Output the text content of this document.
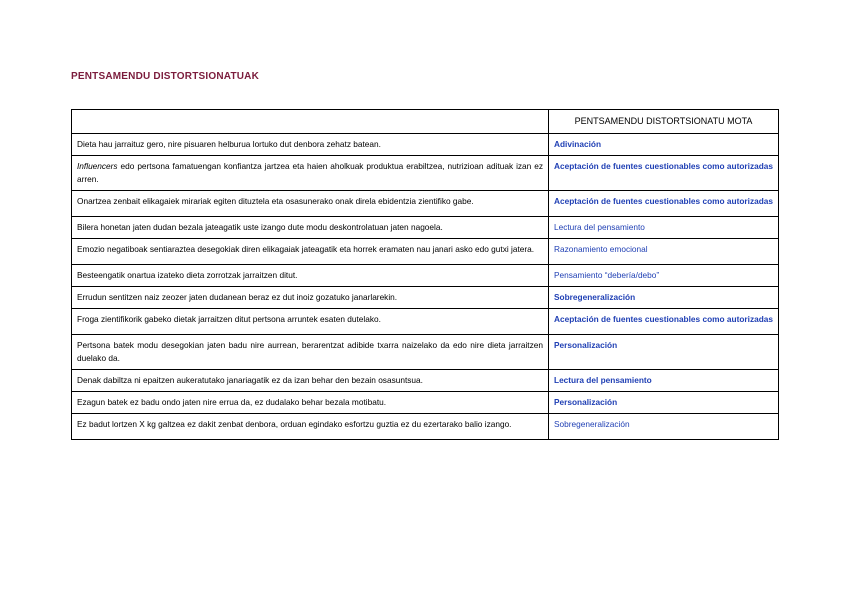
PENTSAMENDU DISTORTSIONATUAK
	PENTSAMENDU DISTORTSIONATU MOTA
Dieta hau jarraituz gero, nire pisuaren helburua lortuko dut denbora zehatz batean.	Adivinación
Influencers edo pertsona famatuengan konfiantza jartzea eta haien aholkuak produktua erabiltzea, nutrizioan adituak izan ez arren.	Aceptación de fuentes cuestionables como autorizadas
Onartzea zenbait elikagaiek mirariak egiten dituztela eta osasunerako onak direla ebidentzia zientifiko gabe.	Aceptación de fuentes cuestionables como autorizadas
Bilera honetan jaten dudan bezala jateagatik uste izango dute modu deskontrolatuan jaten nagoela.	Lectura del pensamiento
Emozio negatiboak sentiaraztea desegokiak diren elikagaiak jateagatik eta horrek eramaten nau janari asko edo gutxi jatera.	Razonamiento emocional
Besteengatik onartua izateko dieta zorrotzak jarraitzen ditut.	Pensamiento “debería/debo”
Errudun sentitzen naiz zeozer jaten dudanean beraz ez dut inoiz gozatuko janarlarekin.	Sobregeneralización
Froga zientifikorik gabeko dietak jarraitzen ditut pertsona arruntek esaten dutelako.	Aceptación de fuentes cuestionables como autorizadas
Pertsona batek modu desegokian jaten badu nire aurrean, berarentzat adibide txarra naizelako da edo nire dieta jarraitzen duelako da.	Personalización
Denak dabiltza ni epaitzen aukeratutako janariagatik ez da izan behar den bezain osasuntsua.	Lectura del pensamiento
Ezagun batek ez badu ondo jaten nire errua da, ez dudalako behar bezala motibatu.	Personalización
Ez badut lortzen X kg galtzea ez dakit zenbat denbora, orduan egindako esfortzu guztia ez du ezertarako balio izango.	Sobregeneralización
